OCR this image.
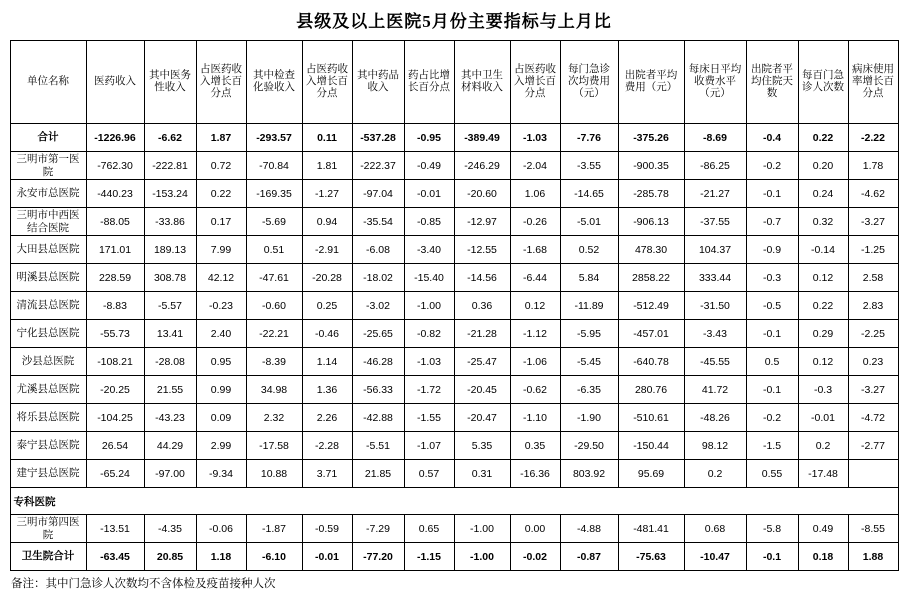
县级及以上医院5月份主要指标与上月比
单位名称	医药收入	其中医务性收入	占医药收入增长百分点	其中检查化验收入	占医药收入增长百分点	其中药品收入	药占比增长百分点	其中卫生材料收入	占医药收入增长百分点	每门急诊次均费用（元）	出院者平均费用（元）	每床日平均收费水平（元）	出院者平均住院天数	每百门急诊人次数	病床使用率增长百分点
合计	-1226.96	-6.62	1.87	-293.57	0.11	-537.28	-0.95	-389.49	-1.03	-7.76	-375.26	-8.69	-0.4	0.22	-2.22
三明市第一医院	-762.30	-222.81	0.72	-70.84	1.81	-222.37	-0.49	-246.29	-2.04	-3.55	-900.35	-86.25	-0.2	0.20	1.78
永安市总医院	-440.23	-153.24	0.22	-169.35	-1.27	-97.04	-0.01	-20.60	1.06	-14.65	-285.78	-21.27	-0.1	0.24	-4.62
三明市中西医结合医院	-88.05	-33.86	0.17	-5.69	0.94	-35.54	-0.85	-12.97	-0.26	-5.01	-906.13	-37.55	-0.7	0.32	-3.27
大田县总医院	171.01	189.13	7.99	0.51	-2.91	-6.08	-3.40	-12.55	-1.68	0.52	478.30	104.37	-0.9	-0.14	-1.25
明溪县总医院	228.59	308.78	42.12	-47.61	-20.28	-18.02	-15.40	-14.56	-6.44	5.84	2858.22	333.44	-0.3	0.12	2.58
清流县总医院	-8.83	-5.57	-0.23	-0.60	0.25	-3.02	-1.00	0.36	0.12	-11.89	-512.49	-31.50	-0.5	0.22	2.83
宁化县总医院	-55.73	13.41	2.40	-22.21	-0.46	-25.65	-0.82	-21.28	-1.12	-5.95	-457.01	-3.43	-0.1	0.29	-2.25
沙县总医院	-108.21	-28.08	0.95	-8.39	1.14	-46.28	-1.03	-25.47	-1.06	-5.45	-640.78	-45.55	0.5	0.12	0.23
尤溪县总医院	-20.25	21.55	0.99	34.98	1.36	-56.33	-1.72	-20.45	-0.62	-6.35	280.76	41.72	-0.1	-0.3	-3.27
将乐县总医院	-104.25	-43.23	0.09	2.32	2.26	-42.88	-1.55	-20.47	-1.10	-1.90	-510.61	-48.26	-0.2	-0.01	-4.72
泰宁县总医院	26.54	44.29	2.99	-17.58	-2.28	-5.51	-1.07	5.35	0.35	-29.50	-150.44	98.12	-1.5	0.2	-2.77
建宁县总医院	-65.24	-97.00	-9.34	10.88	3.71	21.85	0.57	0.31	-16.36	803.92	95.69	0.2	0.55	-17.48	
专科医院															
三明市第四医院	-13.51	-4.35	-0.06	-1.87	-0.59	-7.29	0.65	-1.00	0.00	-4.88	-481.41	0.68	-5.8	0.49	-8.55
卫生院合计	-63.45	20.85	1.18	-6.10	-0.01	-77.20	-1.15	-1.00	-0.02	-0.87	-75.63	-10.47	-0.1	0.18	1.88
备注：其中门急诊人次数均不含体检及疫苗接种人次
